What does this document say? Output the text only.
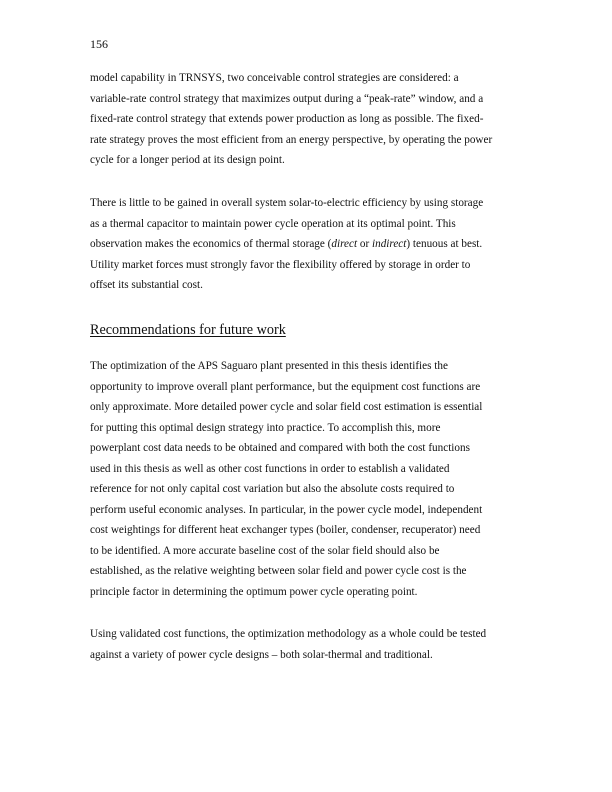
156

model capability in TRNSYS, two conceivable control strategies are considered: a
variable-rate control strategy that maximizes output during a “peak-rate” window, and a
fixed-rate control strategy that extends power production as long as possible. The fixed-
rate strategy proves the most efficient from an energy perspective, by operating the power
cycle for a longer period at its design point.

There is little to be gained in overall system solar-to-electric efficiency by using storage
as a thermal capacitor to maintain power cycle operation at its optimal point. This
observation makes the economics of thermal storage (direct or indirect) tenuous at best.
Utility market forces must strongly favor the flexibility offered by storage in order to
offset its substantial cost.

Recommendations for future work

The optimization of the APS Saguaro plant presented in this thesis identifies the
opportunity to improve overall plant performance, but the equipment cost functions are
only approximate. More detailed power cycle and solar field cost estimation is essential
for putting this optimal design strategy into practice. To accomplish this, more
powerplant cost data needs to be obtained and compared with both the cost functions
used in this thesis as well as other cost functions in order to establish a validated
reference for not only capital cost variation but also the absolute costs required to
perform useful economic analyses. In particular, in the power cycle model, independent
cost weightings for different heat exchanger types (boiler, condenser, recuperator) need
to be identified. A more accurate baseline cost of the solar field should also be
established, as the relative weighting between solar field and power cycle cost is the
principle factor in determining the optimum power cycle operating point.

Using validated cost functions, the optimization methodology as a whole could be tested
against a variety of power cycle designs – both solar-thermal and traditional.
